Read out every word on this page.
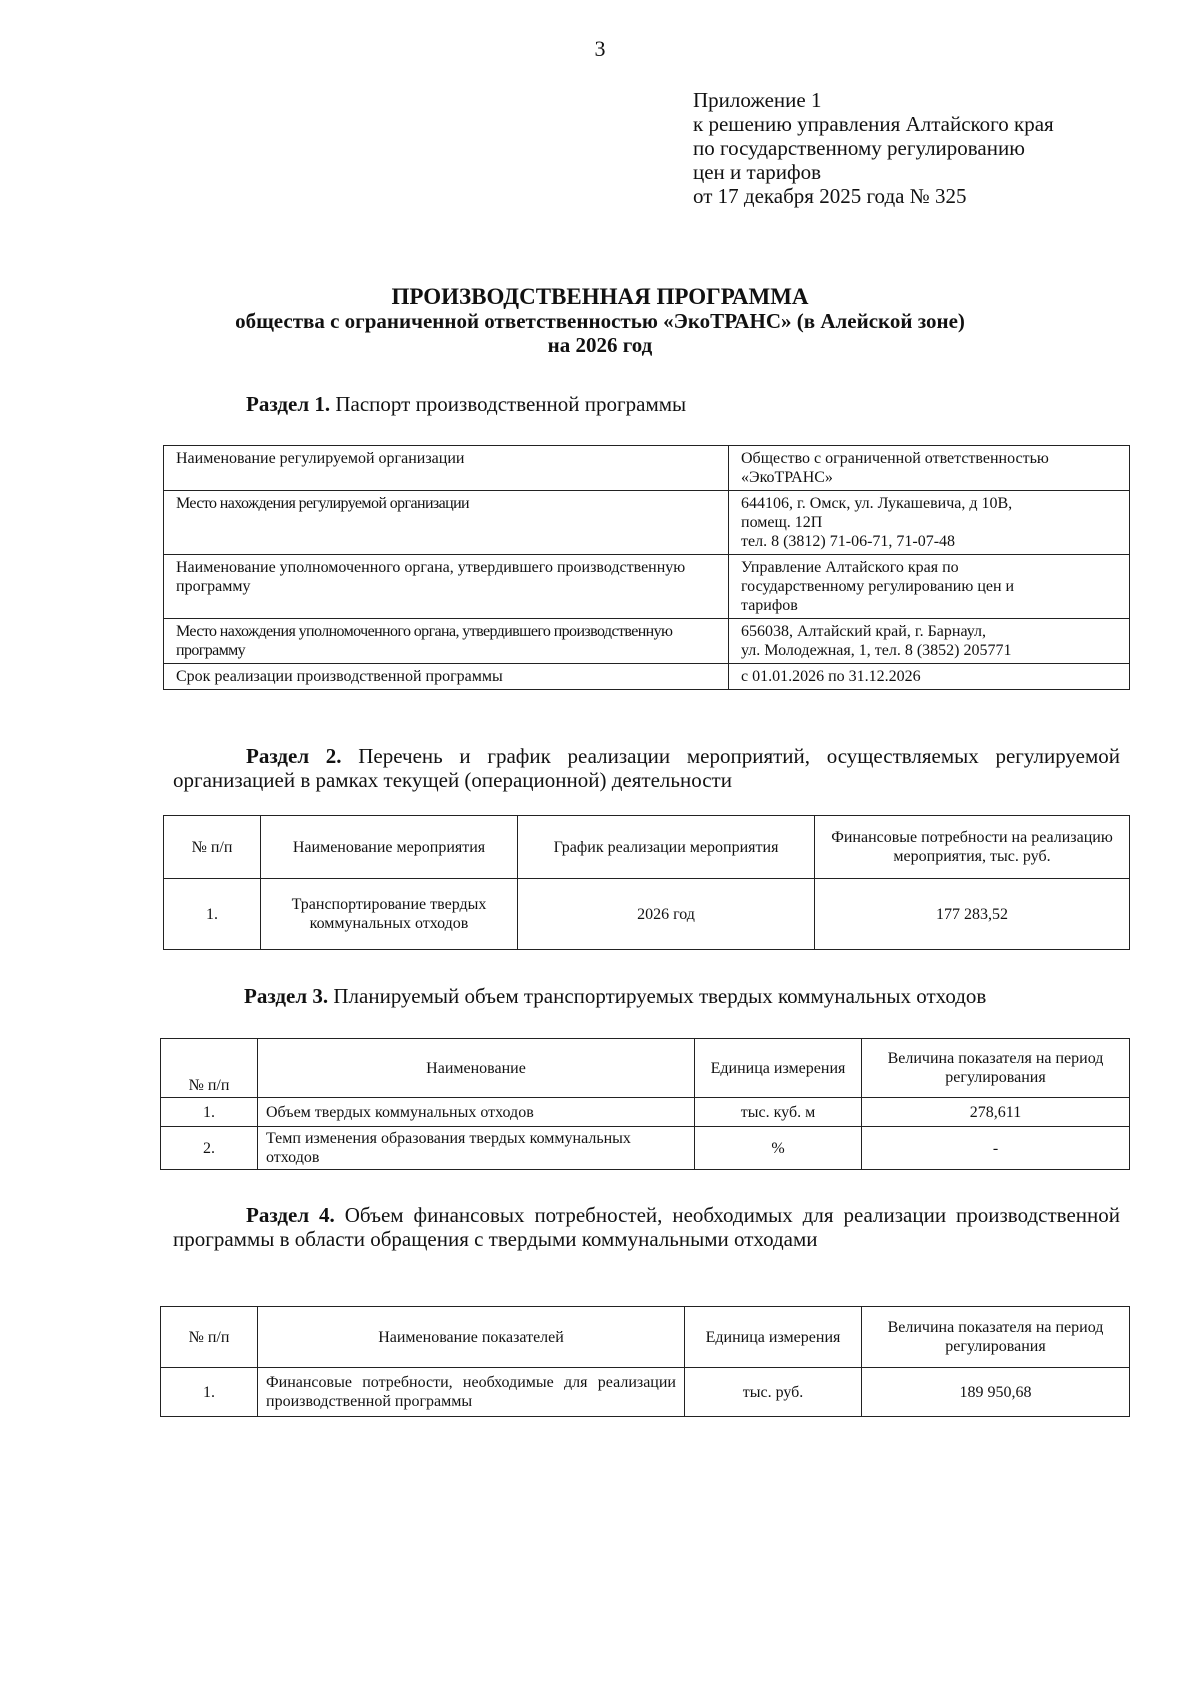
3
Приложение 1
к решению управления Алтайского края
по государственному регулированию
цен и тарифов
от 17 декабря 2025 года № 325
ПРОИЗВОДСТВЕННАЯ ПРОГРАММА
общества с ограниченной ответственностью «ЭкоТРАНС» (в Алейской зоне)
на 2026 год
Раздел 1. Паспорт производственной программы
Наименование регулируемой организации	Общество с ограниченной ответственностью
«ЭкоТРАНС»

Место нахождения регулируемой организации	644106, г. Омск, ул. Лукашевича, д 10В,
помещ. 12П
тел. 8 (3812) 71-06-71, 71-07-48

Наименование уполномоченного органа, утвердившего производственную программу	Управление Алтайского края по
государственному регулированию цен и
тарифов

Место нахождения уполномоченного органа, утвердившего производственную программу	656038, Алтайский край, г. Барнаул,
ул. Молодежная, 1, тел. 8 (3852) 205771

Срок реализации производственной программы	с 01.01.2026 по 31.12.2026
Раздел 2. Перечень и график реализации мероприятий, осуществляемых регулируемой организацией в рамках текущей (операционной) деятельности
№ п/п	Наименование мероприятия	График реализации мероприятия	Финансовые потребности на реализацию мероприятия, тыс. руб.
1.	Транспортирование твердых коммунальных отходов	2026 год	177 283,52
Раздел 3. Планируемый объем транспортируемых твердых коммунальных отходов
№ п/п	Наименование	Единица измерения	Величина показателя на период регулирования
1.	Объем твердых коммунальных отходов	тыс. куб. м	278,611
2.	Темп изменения образования твердых коммунальных отходов	%	-
Раздел 4. Объем финансовых потребностей, необходимых для реализации производственной программы в области обращения с твердыми коммунальными отходами
№ п/п	Наименование показателей	Единица измерения	Величина показателя на период регулирования
1.	Финансовые потребности, необходимые для реализации производственной программы	тыс. руб.	189 950,68
